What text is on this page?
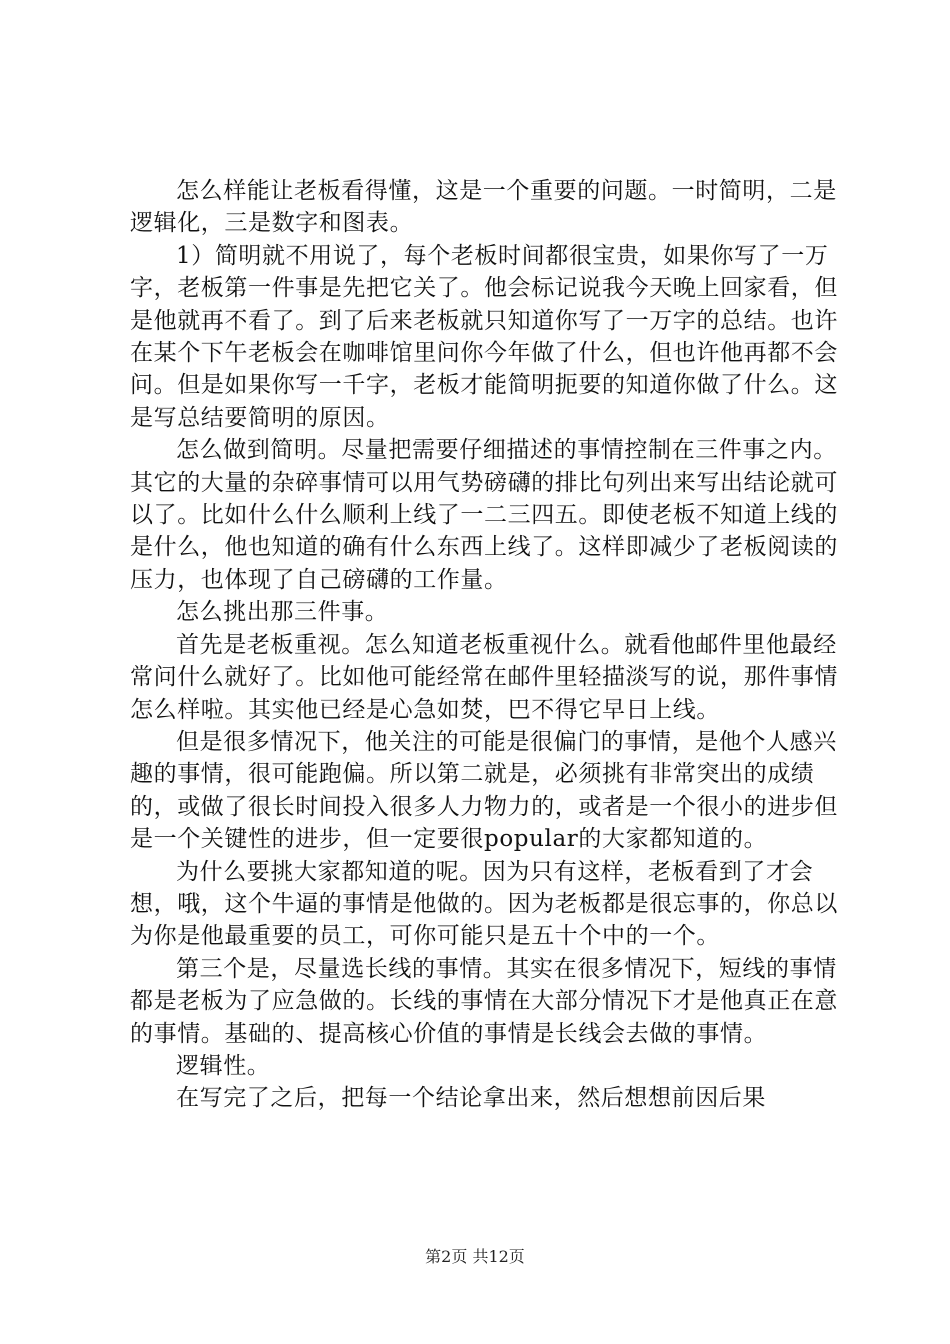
怎么样能让老板看得懂，这是一个重要的问题。一时简明，二是逻辑化，三是数字和图表。

1）简明就不用说了，每个老板时间都很宝贵，如果你写了一万字，老板第一件事是先把它关了。他会标记说我今天晚上回家看，但是他就再不看了。到了后来老板就只知道你写了一万字的总结。也许在某个下午老板会在咖啡馆里问你今年做了什么，但也许他再都不会问。但是如果你写一千字，老板才能简明扼要的知道你做了什么。这是写总结要简明的原因。

怎么做到简明。尽量把需要仔细描述的事情控制在三件事之内。其它的大量的杂碎事情可以用气势磅礴的排比句列出来写出结论就可以了。比如什么什么顺利上线了一二三四五。即使老板不知道上线的是什么，他也知道的确有什么东西上线了。这样即减少了老板阅读的压力，也体现了自己磅礴的工作量。

怎么挑出那三件事。

首先是老板重视。怎么知道老板重视什么。就看他邮件里他最经常问什么就好了。比如他可能经常在邮件里轻描淡写的说，那件事情怎么样啦。其实他已经是心急如焚，巴不得它早日上线。

但是很多情况下，他关注的可能是很偏门的事情，是他个人感兴趣的事情，很可能跑偏。所以第二就是，必须挑有非常突出的成绩的，或做了很长时间投入很多人力物力的，或者是一个很小的进步但是一个关键性的进步，但一定要很popular的大家都知道的。

为什么要挑大家都知道的呢。因为只有这样，老板看到了才会想，哦，这个牛逼的事情是他做的。因为老板都是很忘事的，你总以为你是他最重要的员工，可你可能只是五十个中的一个。

第三个是，尽量选长线的事情。其实在很多情况下，短线的事情都是老板为了应急做的。长线的事情在大部分情况下才是他真正在意的事情。基础的、提高核心价值的事情是长线会去做的事情。

逻辑性。

在写完了之后，把每一个结论拿出来，然后想想前因后果

第2页 共12页
